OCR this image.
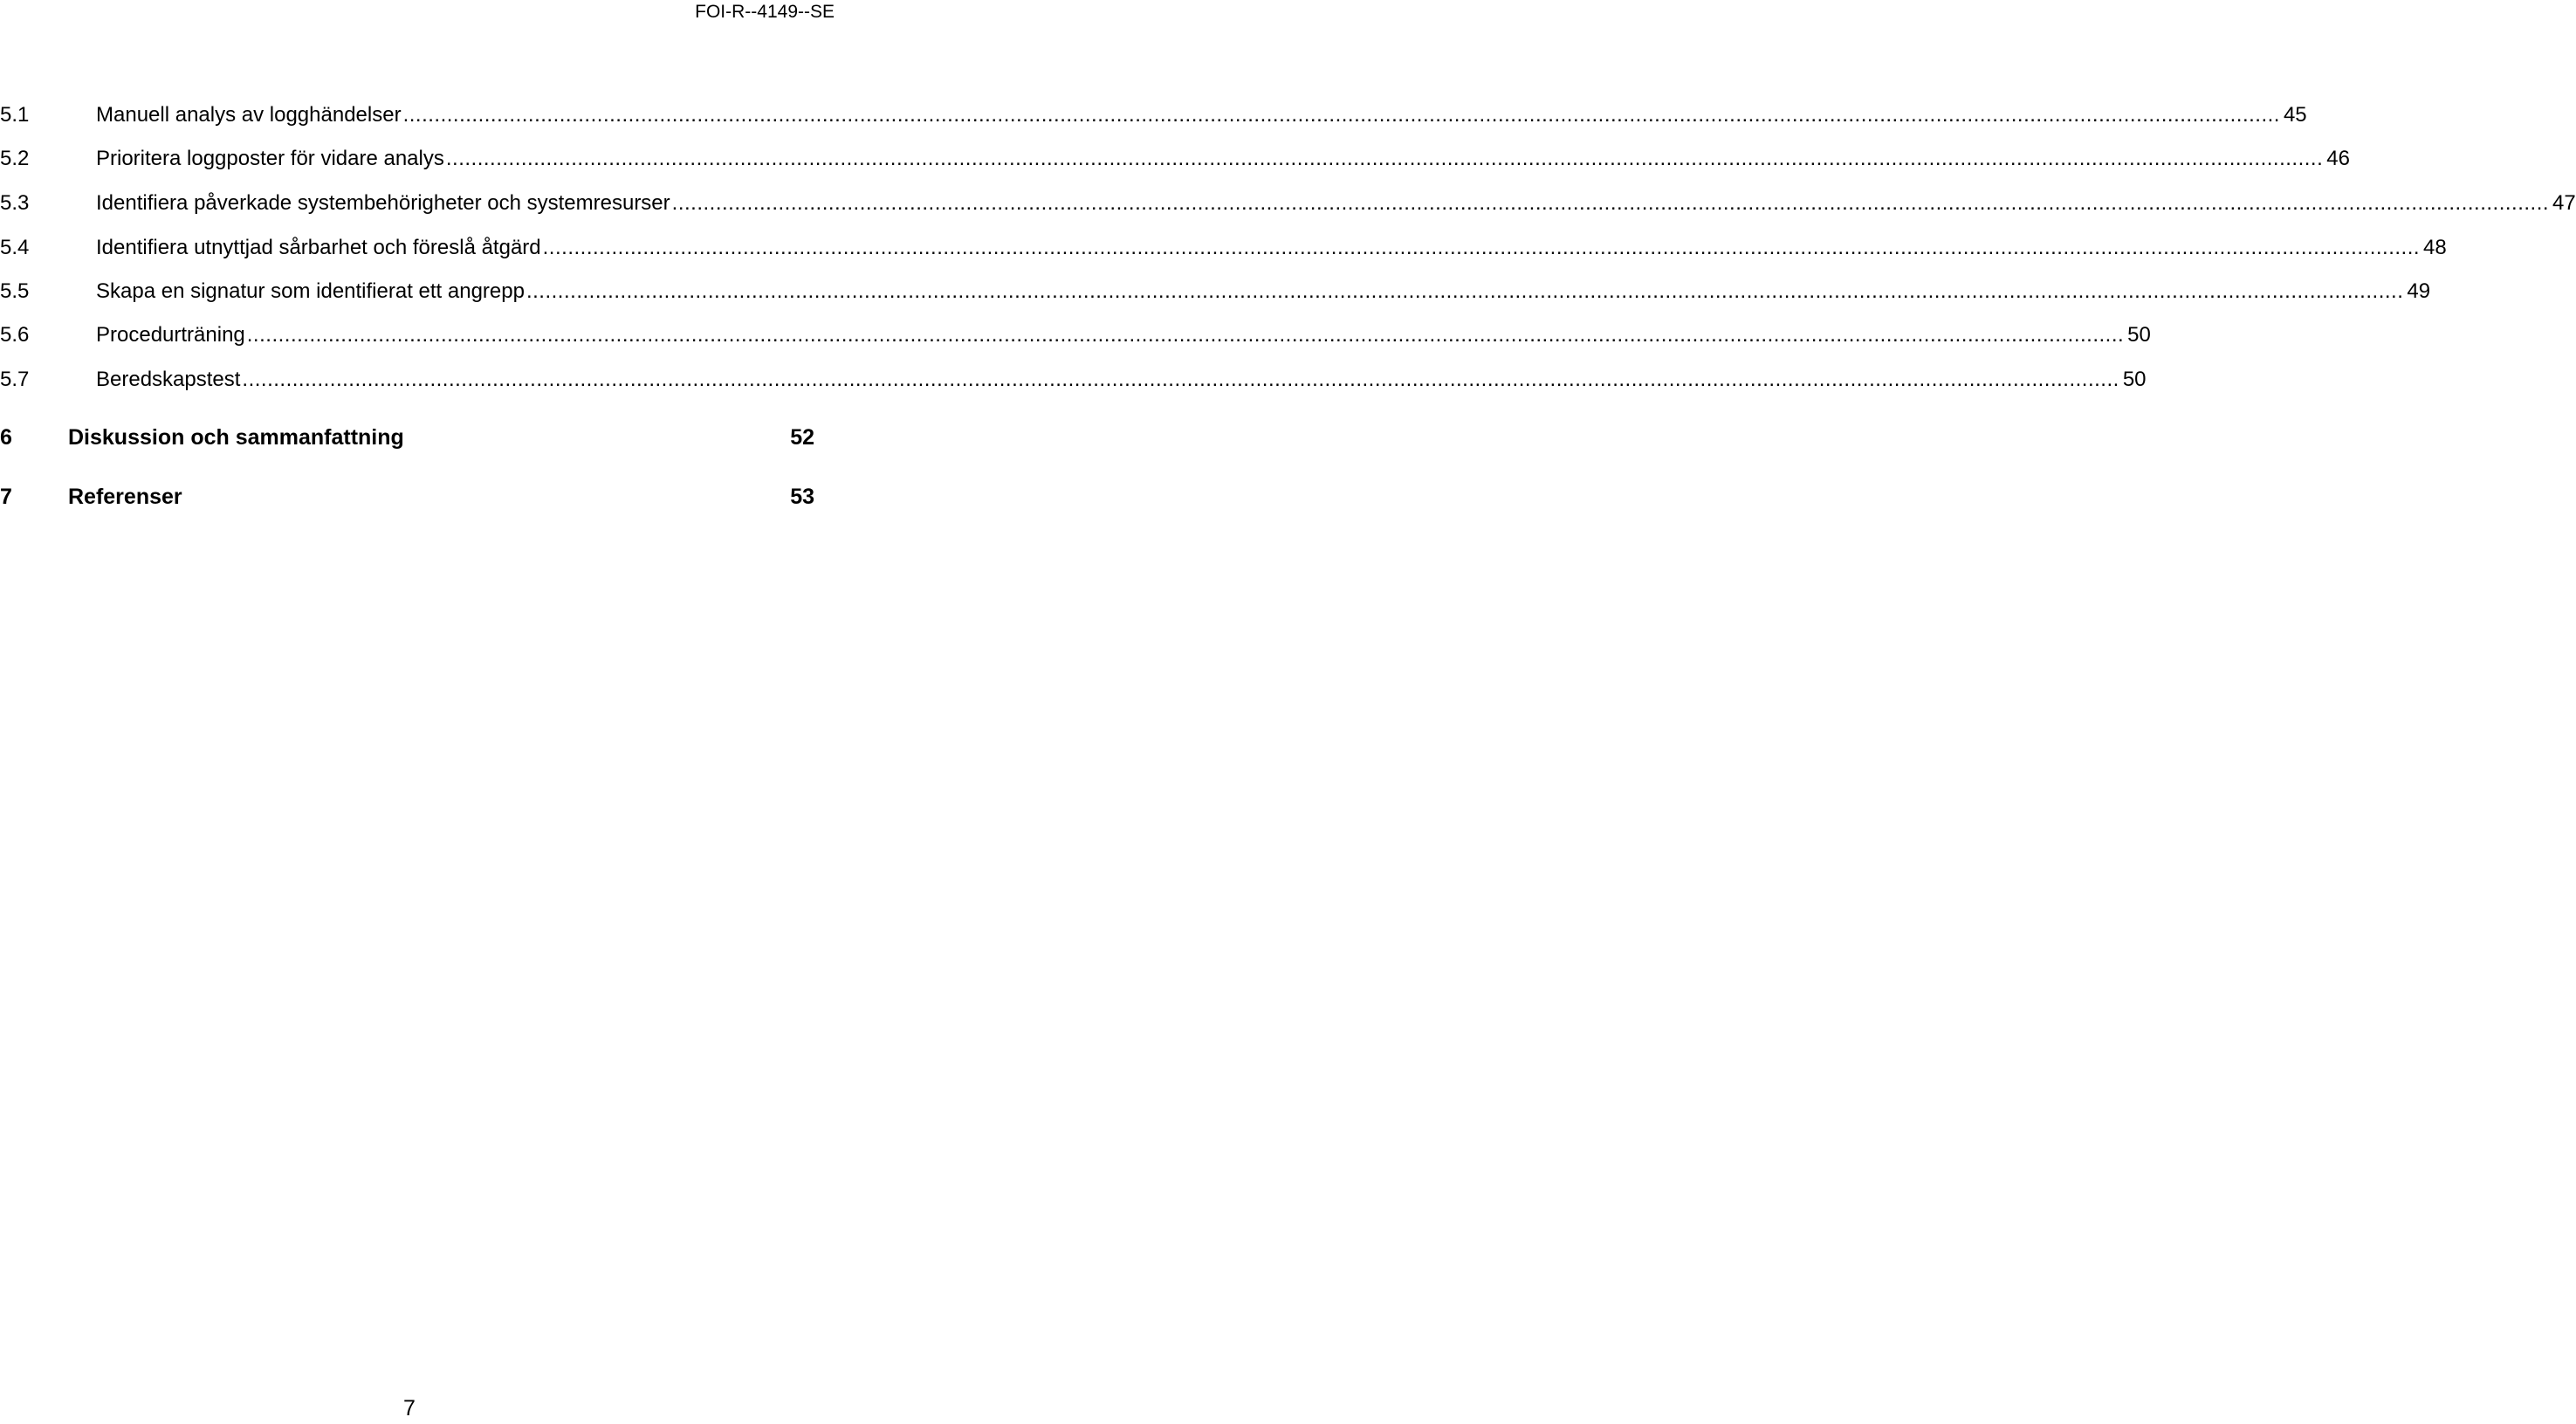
FOI-R--4149--SE
5.1	Manuell analys av logghändelser ............................................................................................................................................................................................................................................................................................................ 45
5.2	Prioritera loggposter för vidare analys ............................................................................................................................................................................................................................................................................................................ 46
5.3	Identifiera påverkade systembehörigheter och systemresurser ............................................................................................................................................................................................................................................................................................................ 47
5.4	Identifiera utnyttjad sårbarhet och föreslå åtgärd ............................................................................................................................................................................................................................................................................................................ 48
5.5	Skapa en signatur som identifierat ett angrepp ............................................................................................................................................................................................................................................................................................................ 49
5.6	Procedurträning ............................................................................................................................................................................................................................................................................................................ 50
5.7	Beredskapstest ............................................................................................................................................................................................................................................................................................................ 50
6	Diskussion och sammanfattning	52
7	Referenser	53
7
